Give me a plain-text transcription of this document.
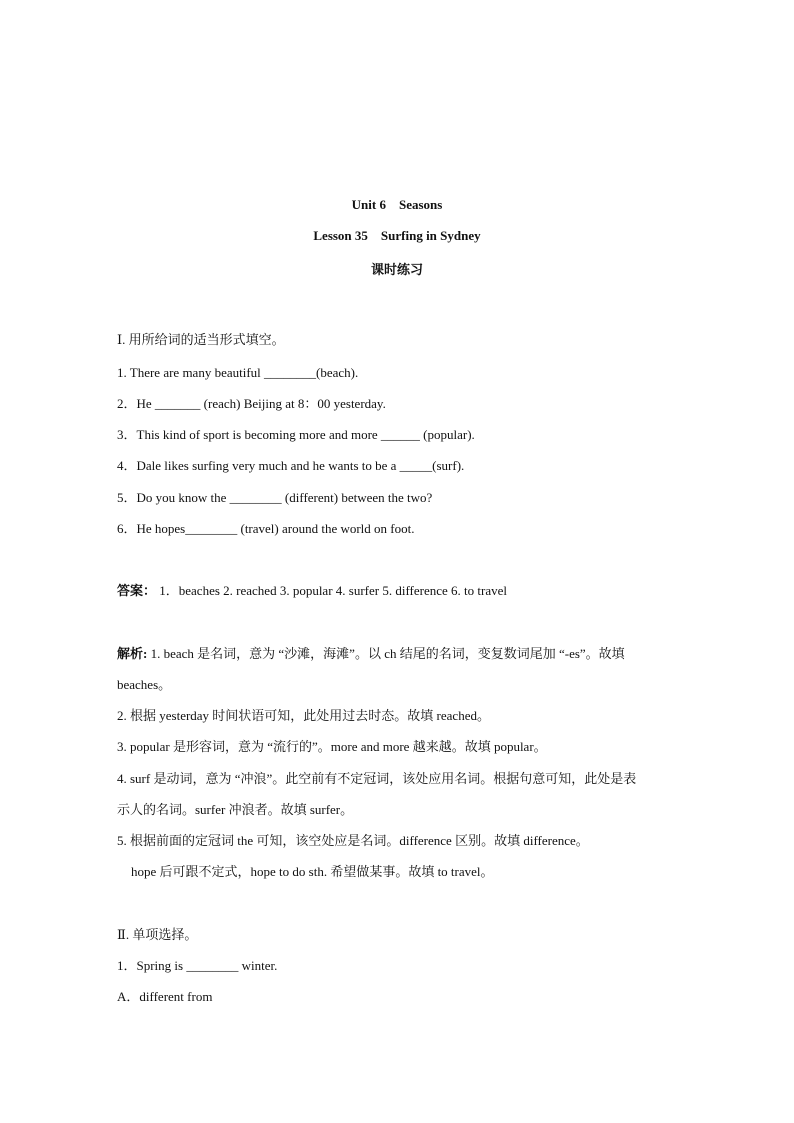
Unit 6    Seasons
Lesson 35    Surfing in Sydney
课时练习
Ⅰ. 用所给词的适当形式填空。
1. There are many beautiful ________(beach).
2．He _______ (reach) Beijing at 8：00 yesterday.
3．This kind of sport is becoming more and more ______ (popular).
4．Dale likes surfing very much and he wants to be a _____(surf).
5．Do you know the ________ (different) between the two?
6．He hopes________ (travel) around the world on foot.
答案： 1．beaches 2. reached 3. popular 4. surfer 5. difference 6. to travel
解析: 1. beach 是名词，意为 “沙滩，海滩”。以 ch 结尾的名词，变复数词尾加 “-es”。故填
beaches。
2. 根据 yesterday 时间状语可知，此处用过去时态。故填 reached。
3. popular 是形容词，意为 “流行的”。more and more 越来越。故填 popular。
4. surf 是动词，意为 “冲浪”。此空前有不定冠词，该处应用名词。根据句意可知，此处是表
示人的名词。surfer 冲浪者。故填 surfer。
5. 根据前面的定冠词 the 可知，该空处应是名词。difference 区别。故填 difference。
hope 后可跟不定式，hope to do sth. 希望做某事。故填 to travel。
Ⅱ. 单项选择。
1．Spring is ________ winter.
A．different from
